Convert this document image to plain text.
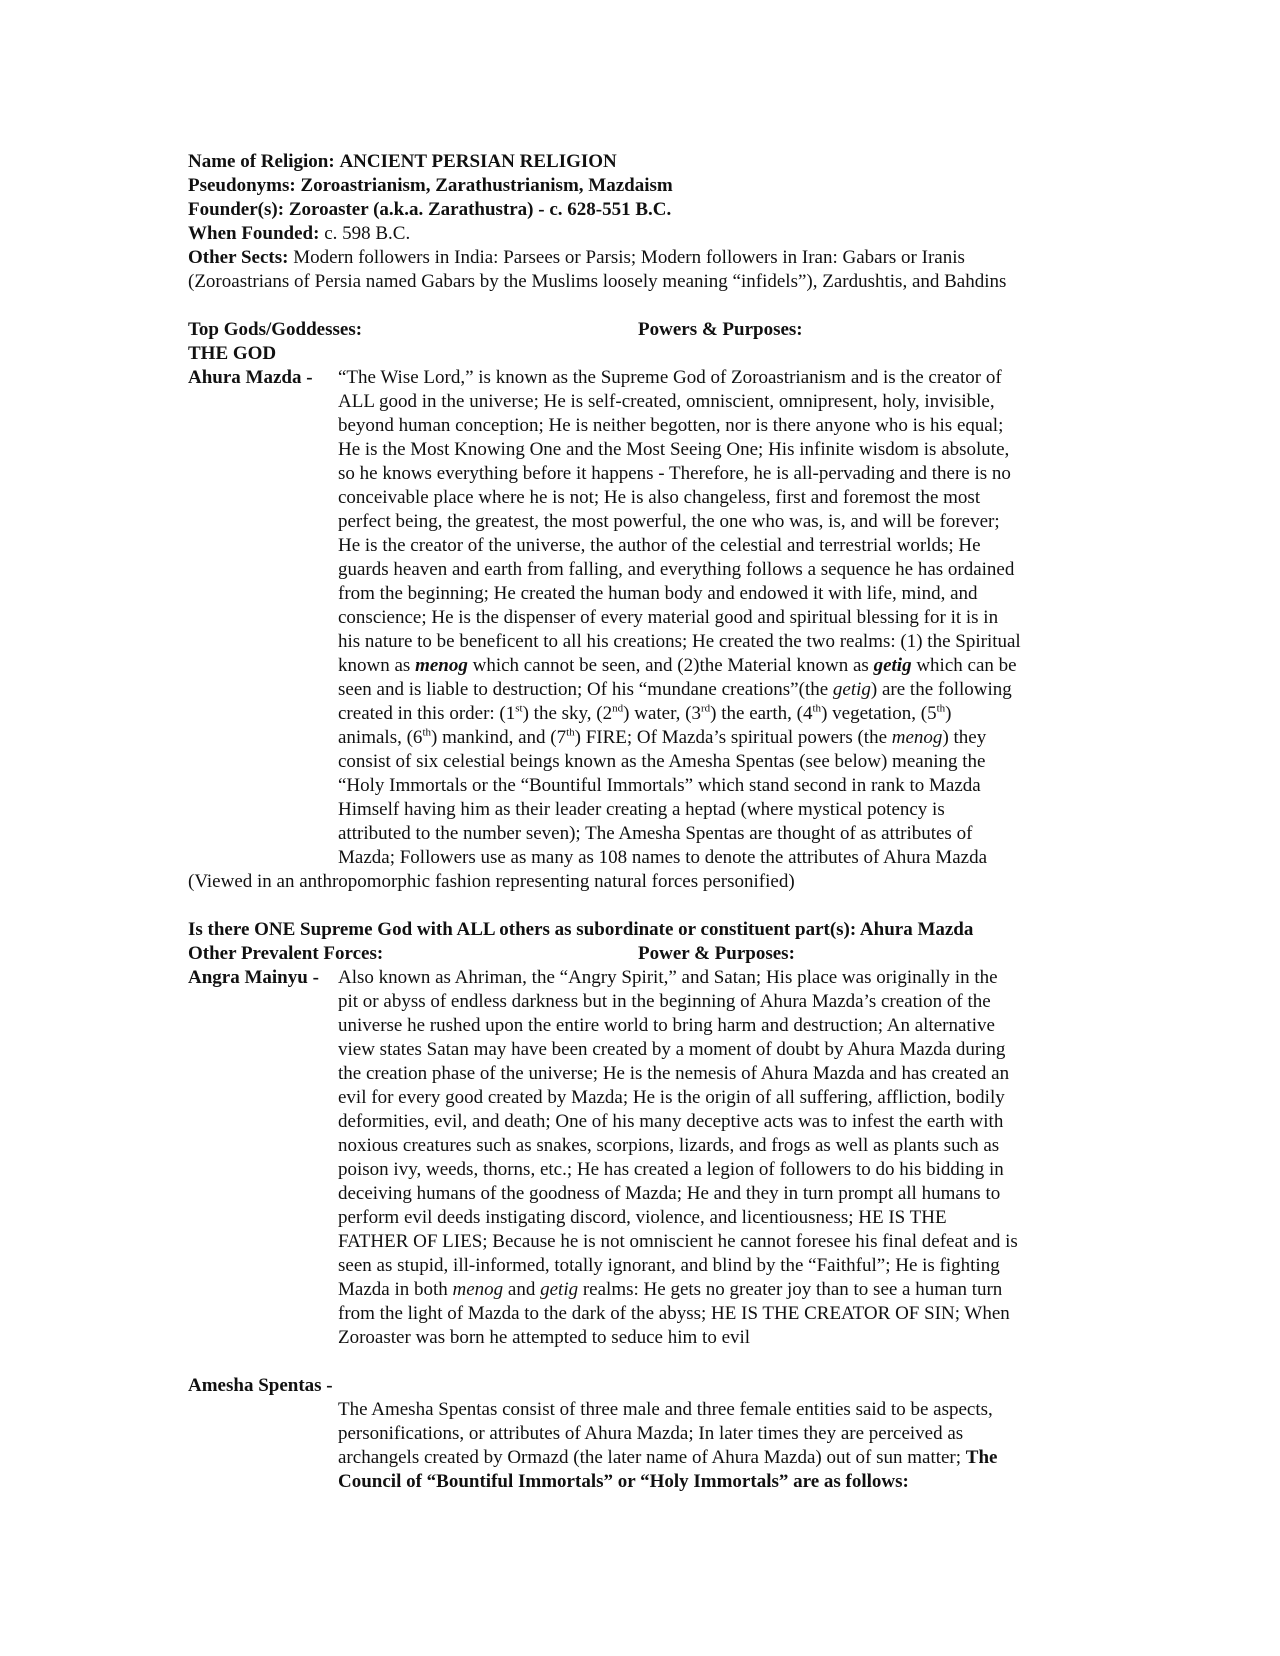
Name of Religion: ANCIENT PERSIAN RELIGION
Pseudonyms: Zoroastrianism, Zarathustrianism, Mazdaism
Founder(s): Zoroaster (a.k.a. Zarathustra) - c. 628-551 B.C.
When Founded: c. 598 B.C.
Other Sects: Modern followers in India: Parsees or Parsis; Modern followers in Iran: Gabars or Iranis
(Zoroastrians of Persia named Gabars by the Muslims loosely meaning “infidels”), Zardushtis, and Bahdins
Top Gods/Goddesses:	Powers & Purposes:
THE GOD
Ahura Mazda - “The Wise Lord,” is known as the Supreme God of Zoroastrianism and is the creator of
ALL good in the universe; He is self-created, omniscient, omnipresent, holy, invisible,
beyond human conception; He is neither begotten, nor is there anyone who is his equal;
He is the Most Knowing One and the Most Seeing One; His infinite wisdom is absolute,
so he knows everything before it happens - Therefore, he is all-pervading and there is no
conceivable place where he is not; He is also changeless, first and foremost the most
perfect being, the greatest, the most powerful, the one who was, is, and will be forever;
He is the creator of the universe, the author of the celestial and terrestrial worlds; He
guards heaven and earth from falling, and everything follows a sequence he has ordained
from the beginning; He created the human body and endowed it with life, mind, and
conscience; He is the dispenser of every material good and spiritual blessing for it is in
his nature to be beneficent to all his creations; He created the two realms: (1) the Spiritual
known as menog which cannot be seen, and (2)the Material known as getig which can be
seen and is liable to destruction; Of his “mundane creations”(the getig) are the following
created in this order: (1st) the sky, (2nd) water, (3rd) the earth, (4th) vegetation, (5th)
animals, (6th) mankind, and (7th) FIRE; Of Mazda’s spiritual powers (the menog) they
consist of six celestial beings known as the Amesha Spentas (see below) meaning the
“Holy Immortals or the “Bountiful Immortals” which stand second in rank to Mazda
Himself having him as their leader creating a heptad (where mystical potency is
attributed to the number seven); The Amesha Spentas are thought of as attributes of
Mazda; Followers use as many as 108 names to denote the attributes of Ahura Mazda
(Viewed in an anthropomorphic fashion representing natural forces personified)
Is there ONE Supreme God with ALL others as subordinate or constituent part(s): Ahura Mazda
Other Prevalent Forces:	Power & Purposes:
Angra Mainyu - Also known as Ahriman, the “Angry Spirit,” and Satan; His place was originally in the
pit or abyss of endless darkness but in the beginning of Ahura Mazda’s creation of the
universe he rushed upon the entire world to bring harm and destruction; An alternative
view states Satan may have been created by a moment of doubt by Ahura Mazda during
the creation phase of the universe; He is the nemesis of Ahura Mazda and has created an
evil for every good created by Mazda; He is the origin of all suffering, affliction, bodily
deformities, evil, and death; One of his many deceptive acts was to infest the earth with
noxious creatures such as snakes, scorpions, lizards, and frogs as well as plants such as
poison ivy, weeds, thorns, etc.; He has created a legion of followers to do his bidding in
deceiving humans of the goodness of Mazda; He and they in turn prompt all humans to
perform evil deeds instigating discord, violence, and licentiousness; HE IS THE
FATHER OF LIES; Because he is not omniscient he cannot foresee his final defeat and is
seen as stupid, ill-informed, totally ignorant, and blind by the “Faithful”; He is fighting
Mazda in both menog and getig realms: He gets no greater joy than to see a human turn
from the light of Mazda to the dark of the abyss; HE IS THE CREATOR OF SIN; When
Zoroaster was born he attempted to seduce him to evil
Amesha Spentas -
The Amesha Spentas consist of three male and three female entities said to be aspects,
personifications, or attributes of Ahura Mazda; In later times they are perceived as
archangels created by Ormazd (the later name of Ahura Mazda) out of sun matter; The
Council of “Bountiful Immortals” or “Holy Immortals” are as follows:
